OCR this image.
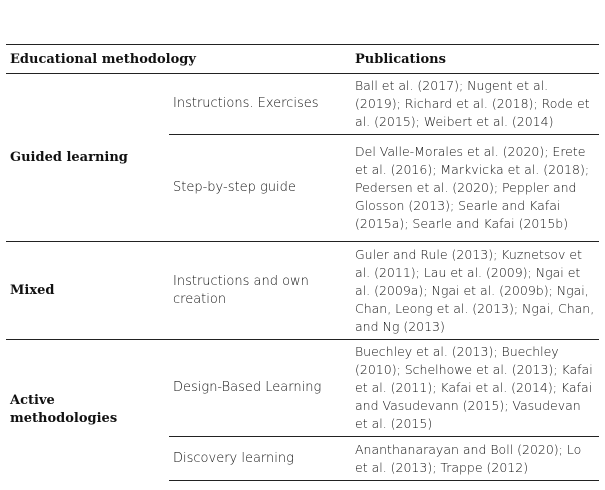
Educational methodology		Publications
Guided learning	Instructions. Exercises	Ball et al. (2017); Nugent et al. (2019); Richard et al. (2018); Rode et al. (2015); Weibert et al. (2014)
	Step-by-step guide	Del Valle-Morales et al. (2020); Erete et al. (2016); Markvicka et al. (2018); Pedersen et al. (2020); Peppler and Glosson (2013); Searle and Kafai (2015a); Searle and Kafai (2015b)
Mixed	Instructions and own creation	Guler and Rule (2013); Kuznetsov et al. (2011); Lau et al. (2009); Ngai et al. (2009a); Ngai et al. (2009b); Ngai, Chan, Leong et al. (2013); Ngai, Chan, and Ng (2013)
Active methodologies	Design-Based Learning	Buechley et al. (2013); Buechley (2010); Schelhowe et al. (2013); Kafai et al. (2011); Kafai et al. (2014); Kafai and Vasudevann (2015); Vasudevan et al. (2015)
	Discovery learning	Ananthanarayan and Boll (2020); Lo et al. (2013); Trappe (2012)
